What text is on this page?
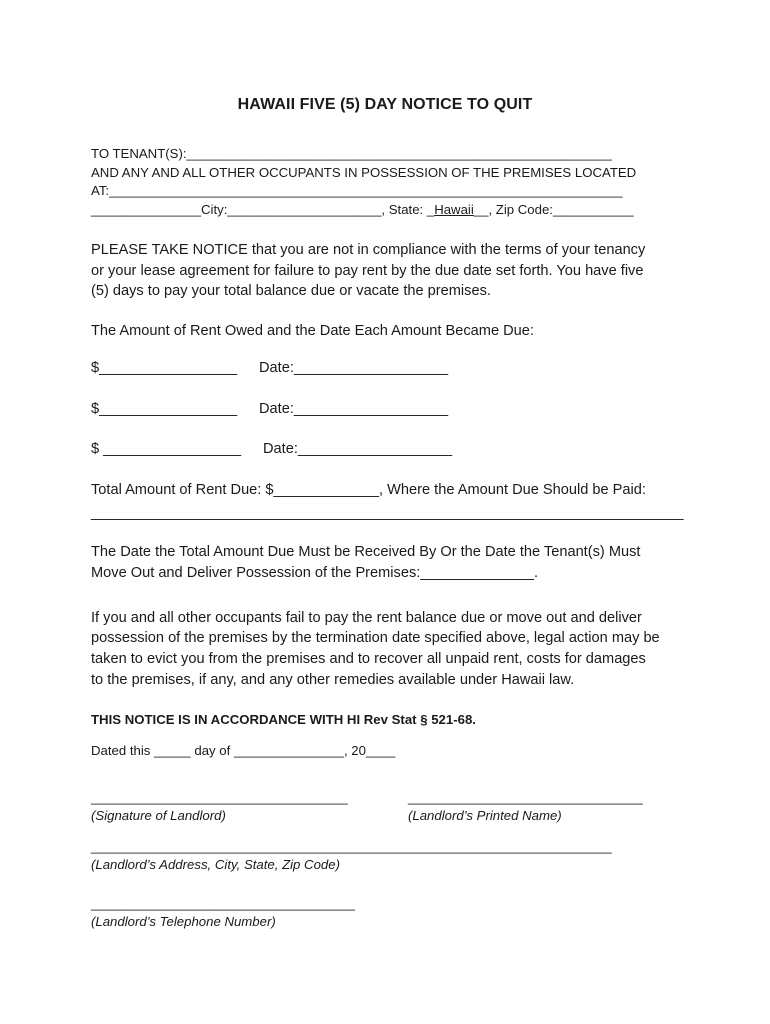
HAWAII FIVE (5) DAY NOTICE TO QUIT
TO TENANT(S):__________________________________________________________
AND ANY AND ALL OTHER OCCUPANTS IN POSSESSION OF THE PREMISES LOCATED
AT:______________________________________________________________________
_______________City:_____________________, State: _Hawaii__, Zip Code:___________
PLEASE TAKE NOTICE that you are not in compliance with the terms of your tenancy
or your lease agreement for failure to pay rent by the due date set forth. You have five
(5) days to pay your total balance due or vacate the premises.
The Amount of Rent Owed and the Date Each Amount Became Due:
$_________________ Date:___________________
$_________________ Date:___________________
$ _________________ Date:___________________
Total Amount of Rent Due: $_____________, Where the Amount Due Should be Paid:
_________________________________________________________________________
The Date the Total Amount Due Must be Received By Or the Date the Tenant(s) Must
Move Out and Deliver Possession of the Premises:______________.
If you and all other occupants fail to pay the rent balance due or move out and deliver
possession of the premises by the termination date specified above, legal action may be
taken to evict you from the premises and to recover all unpaid rent, costs for damages
to the premises, if any, and any other remedies available under Hawaii law.
THIS NOTICE IS IN ACCORDANCE WITH HI Rev Stat § 521-68.
Dated this _____ day of _______________, 20____
___________________________________	________________________________
(Signature of Landlord)	(Landlord’s Printed Name)
_______________________________________________________________________
(Landlord’s Address, City, State, Zip Code)
____________________________________
(Landlord’s Telephone Number)
